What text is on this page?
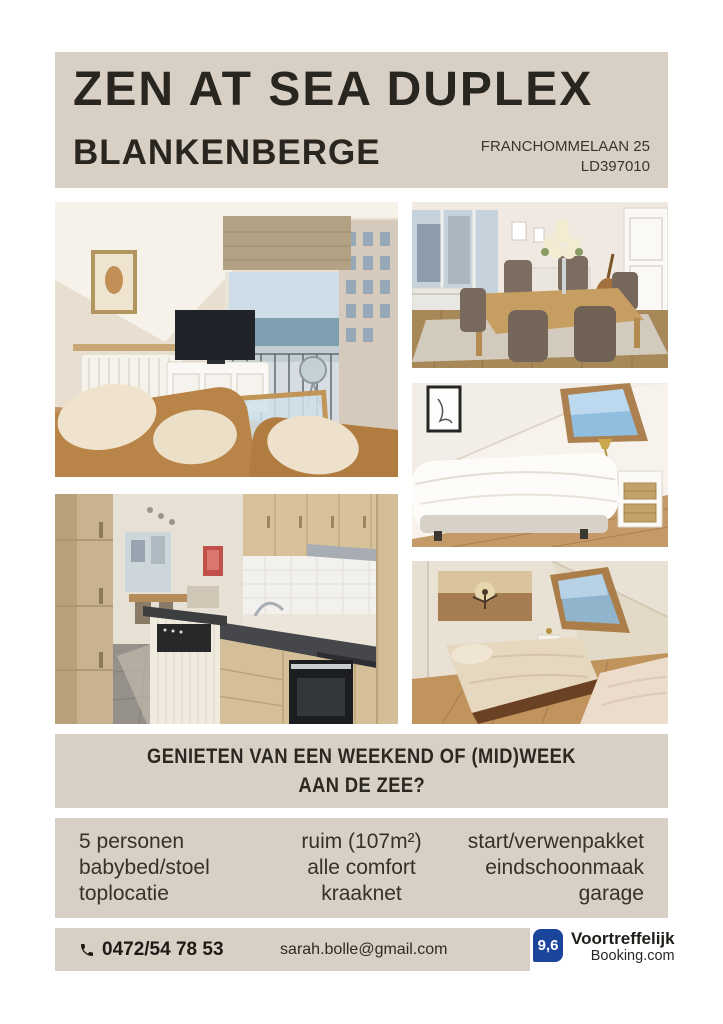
ZEN AT SEA DUPLEX
BLANKENBERGE	FRANCHOMMELAAN 25
LD397010
GENIETEN VAN EEN WEEKEND OF (MID)WEEK
AAN DE ZEE?
5 personen
babybed/stoel
toplocatie
ruim (107m²)
alle comfort
kraaknet
start/verwenpakket
eindschoonmaak
garage
0472/54 78 53	sarah.bolle@gmail.com	9,6 Voortreffelijk
Booking.com
